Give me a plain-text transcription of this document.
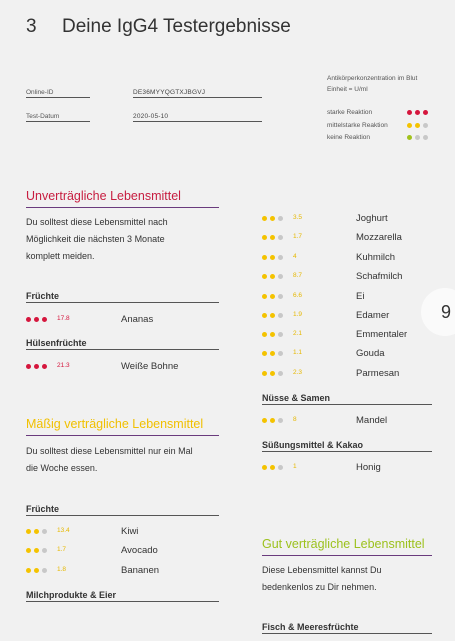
3 Deine IgG4 Testergebnisse
Online-ID	DE36MYYQGTXJBGVJ
Test-Datum	2020-05-10
Antikörperkonzentration im Blut
Einheit = U/ml
starke Reaktion
mittelstarke Reaktion
keine Reaktion
Unverträgliche Lebensmittel
Du solltest diese Lebensmittel nach
Möglichkeit die nächsten 3 Monate
komplett meiden.
Früchte
17.8	Ananas
Hülsenfrüchte
21.3	Weiße Bohne
Mäßig verträgliche Lebensmittel
Du solltest diese Lebensmittel nur ein Mal
die Woche essen.
Früchte
13.4	Kiwi
1.7	Avocado
1.8	Bananen
Milchprodukte & Eier
3.5	Joghurt
1.7	Mozzarella
4	Kuhmilch
8.7	Schafmilch
6.6	Ei
1.9	Edamer
2.1	Emmentaler
1.1	Gouda
2.3	Parmesan
Nüsse & Samen
8	Mandel
Süßungsmittel & Kakao
1	Honig
Gut verträgliche Lebensmittel
Diese Lebensmittel kannst Du
bedenkenlos zu Dir nehmen.
Fisch & Meeresfrüchte
9
